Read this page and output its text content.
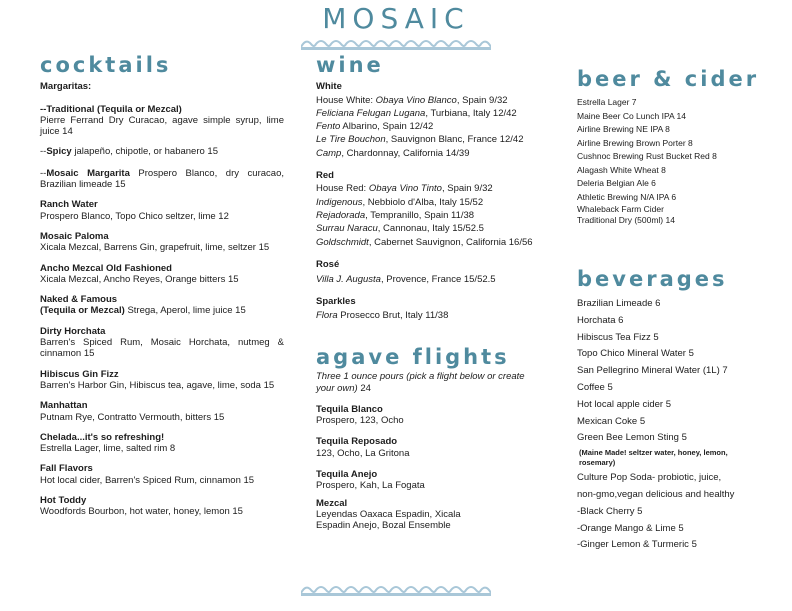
MOSAIC
cocktails

Margaritas:

--Traditional (Tequila or Mezcal)

Pierre Ferrand Dry Curacao, agave simple syrup, lime juice 14

--Spicy jalapeño, chipotle, or habanero 15

--Mosaic Margarita Prospero Blanco, dry curacao, Brazilian limeade 15

Ranch Water

Prospero Blanco, Topo Chico seltzer, lime 12

Mosaic Paloma

Xicala Mezcal, Barrens Gin, grapefruit, lime, seltzer 15

Ancho Mezcal Old Fashioned

Xicala Mezcal, Ancho Reyes, Orange bitters 15

Naked & Famous

(Tequila or Mezcal) Strega, Aperol, lime juice 15

Dirty Horchata

Barren's Spiced Rum, Mosaic Horchata, nutmeg & cinnamon 15

Hibiscus Gin Fizz

Barren's Harbor Gin, Hibiscus tea, agave, lime, soda 15

Manhattan

Putnam Rye, Contratto Vermouth, bitters 15

Chelada...it's so refreshing!

Estrella Lager, lime, salted rim 8

Fall Flavors

Hot local cider, Barren's Spiced Rum, cinnamon 15

Hot Toddy

Woodfords Bourbon, hot water, honey, lemon 15

wine

White

House White: Obaya Vino Blanco, Spain 9/32

Feliciana Felugan Lugana, Turbiana, Italy 12/42

Fento Albarino, Spain 12/42

Le Tire Bouchon, Sauvignon Blanc, France 12/42

Camp, Chardonnay, California 14/39

Red

House Red: Obaya Vino Tinto, Spain 9/32

Indigenous, Nebbiolo d'Alba, Italy 15/52

Rejadorada, Tempranillo, Spain 11/38

Surrau Naracu, Cannonau, Italy 15/52.5

Goldschmidt, Cabernet Sauvignon, California 16/56

Rosé

Villa J. Augusta, Provence, France 15/52.5

Sparkles

Flora Prosecco Brut, Italy 11/38

agave flights

Three 1 ounce pours (pick a flight below or create your own) 24

Tequila Blanco

Prospero, 123, Ocho

Tequila Reposado

123, Ocho, La Gritona

Tequila Anejo

Prospero, Kah, La Fogata

Mezcal

Leyendas Oaxaca Espadin, Xicala

Espadin Anejo, Bozal Ensemble

beer & cider

Estrella Lager 7

Maine Beer Co Lunch IPA 14

Airline Brewing NE IPA 8

Airline Brewing Brown Porter 8

Cushnoc Brewing Rust Bucket Red 8

Alagash White Wheat 8

Deleria Belgian Ale 6

Athletic Brewing N/A IPA 6

Whaleback Farm Cider

Traditional Dry (500ml) 14

beverages

Brazilian Limeade 6

Horchata 6

Hibiscus Tea Fizz 5

Topo Chico Mineral Water 5

San Pellegrino Mineral Water (1L) 7

Coffee 5

Hot local apple cider 5

Mexican Coke 5

Green Bee Lemon Sting 5

(Maine Made! seltzer water, honey, lemon, rosemary)

Culture Pop Soda- probiotic, juice,

non-gmo,vegan delicious and healthy

-Black Cherry 5

-Orange Mango & Lime 5

-Ginger Lemon & Turmeric 5
